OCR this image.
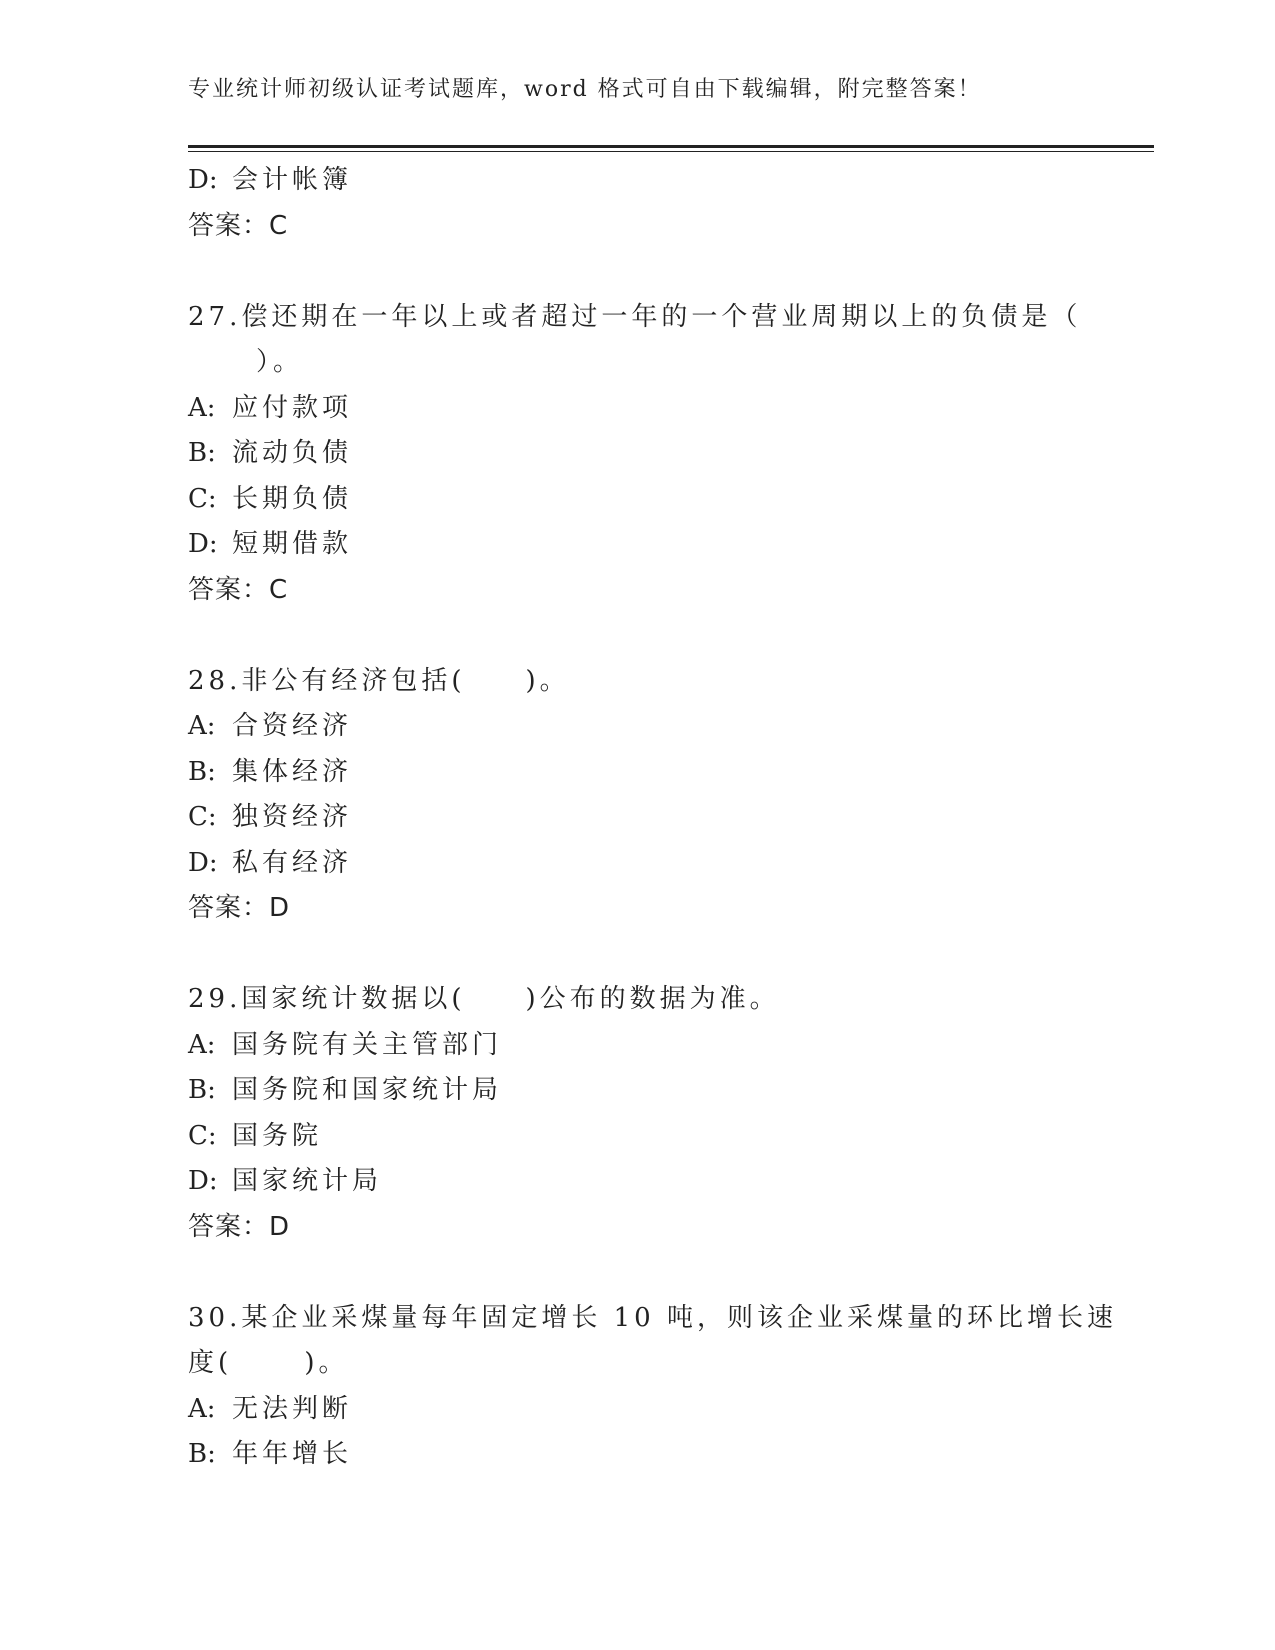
专业统计师初级认证考试题库，word 格式可自由下载编辑，附完整答案！
D: 会计帐簿
答案：C
27.偿还期在一年以上或者超过一年的一个营业周期以上的负债是（
）。
A: 应付款项
B: 流动负债
C: 长期负债
D: 短期借款
答案：C
28.非公有经济包括(　　)。
A: 合资经济
B: 集体经济
C: 独资经济
D: 私有经济
答案：D
29.国家统计数据以(　　)公布的数据为准。
A: 国务院有关主管部门
B: 国务院和国家统计局
C: 国务院
D: 国家统计局
答案：D
30.某企业采煤量每年固定增长 10 吨，则该企业采煤量的环比增长速
度(　　 )。
A: 无法判断
B: 年年增长
